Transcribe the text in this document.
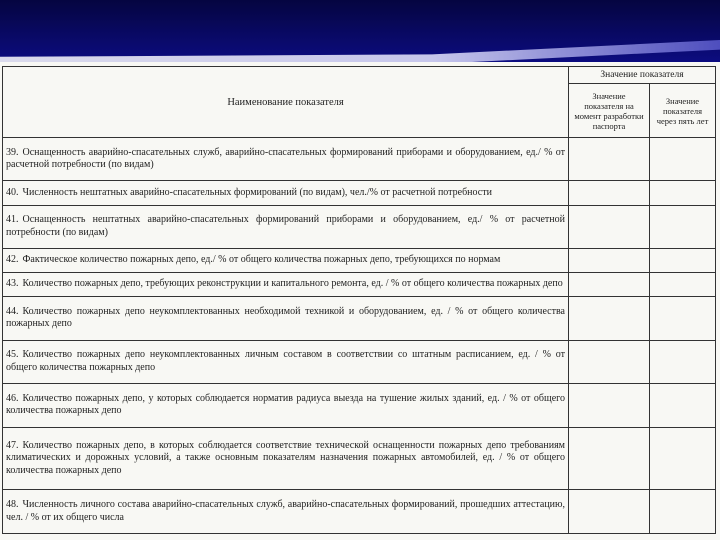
Наименование показателя	Значение показателя	
	Значение показателя на момент разработки паспорта	Значение показателя через пять лет
39. Оснащенность аварийно-спасательных служб, аварийно-спасательных формирований приборами и оборудованием, ед./ % от расчетной потребности (по видам)		
40. Численность нештатных аварийно-спасательных формирований (по видам), чел./% от расчетной потребности		
41. Оснащенность нештатных аварийно-спасательных формирований приборами и оборудованием, ед./ % от расчетной потребности (по видам)		
42. Фактическое количество пожарных депо, ед./ % от общего количества пожарных депо, требующихся по нормам		
43. Количество пожарных депо, требующих реконструкции и капитального ремонта, ед. / % от общего количества пожарных депо		
44. Количество пожарных депо неукомплектованных необходимой техникой и оборудованием, ед. / % от общего количества пожарных депо		
45. Количество пожарных депо неукомплектованных личным составом в соответствии со штатным расписанием, ед. / % от общего количества пожарных депо		
46. Количество пожарных депо, у которых соблюдается норматив радиуса выезда на тушение жилых зданий, ед. / % от общего количества пожарных депо		
47. Количество пожарных депо, в которых соблюдается соответствие технической оснащенности пожарных депо требованиям климатических и дорожных условий, а также основным показателям назначения пожарных автомобилей, ед. / % от общего количества пожарных депо		
48. Численность личного состава аварийно-спасательных служб, аварийно-спасательных формирований, прошедших аттестацию, чел. / % от их общего числа		
